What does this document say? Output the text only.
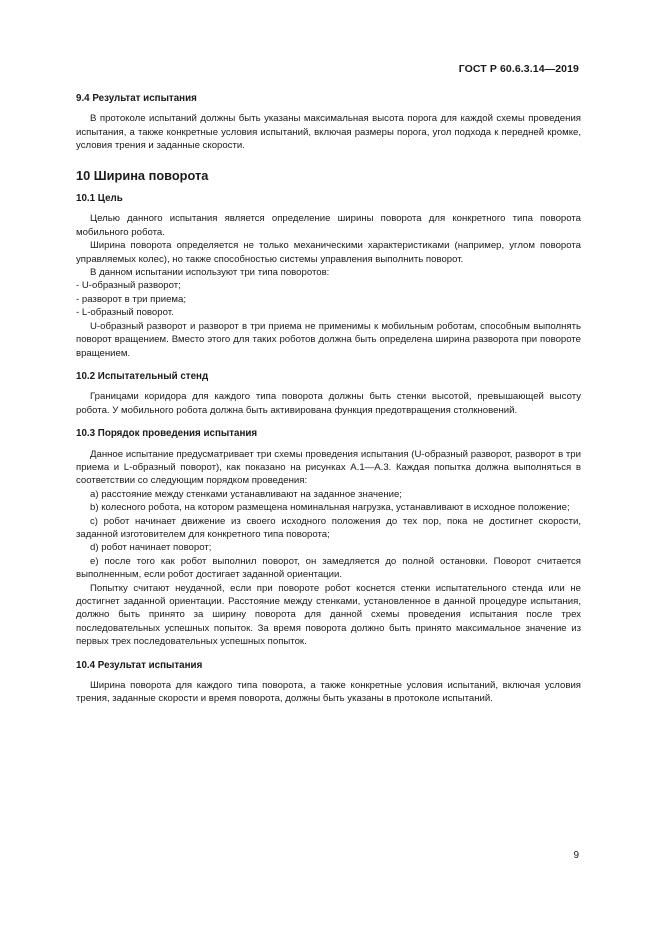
ГОСТ Р 60.6.3.14—2019
9.4 Результат испытания

В протоколе испытаний должны быть указаны максимальная высота порога для каждой схемы проведения испытания, а также конкретные условия испытаний, включая размеры порога, угол подхода к передней кромке, условия трения и заданные скорости.

10 Ширина поворота
10.1 Цель

Целью данного испытания является определение ширины поворота для конкретного типа поворота мобильного робота.

Ширина поворота определяется не только механическими характеристиками (например, углом поворота управляемых колес), но также способностью системы управления выполнить поворот.

В данном испытании используют три типа поворотов:

- U-образный разворот;

- разворот в три приема;

- L-образный поворот.

U-образный разворот и разворот в три приема не применимы к мобильным роботам, способным выполнять поворот вращением. Вместо этого для таких роботов должна быть определена ширина разворота при повороте вращением.

10.2 Испытательный стенд

Границами коридора для каждого типа поворота должны быть стенки высотой, превышающей высоту робота. У мобильного робота должна быть активирована функция предотвращения столкновений.

10.3 Порядок проведения испытания

Данное испытание предусматривает три схемы проведения испытания (U-образный разворот, разворот в три приема и L-образный поворот), как показано на рисунках А.1—А.3. Каждая попытка должна выполняться в соответствии со следующим порядком проведения:

а) расстояние между стенками устанавливают на заданное значение;

b) колесного робота, на котором размещена номинальная нагрузка, устанавливают в исходное положение;

с) робот начинает движение из своего исходного положения до тех пор, пока не достигнет скорости, заданной изготовителем для конкретного типа поворота;

d) робот начинает поворот;

е) после того как робот выполнил поворот, он замедляется до полной остановки. Поворот считается выполненным, если робот достигает заданной ориентации.

Попытку считают неудачной, если при повороте робот коснется стенки испытательного стенда или не достигнет заданной ориентации. Расстояние между стенками, установленное в данной процедуре испытания, должно быть принято за ширину поворота для данной схемы проведения испытания после трех последовательных успешных попыток. За время поворота должно быть принято максимальное значение из первых трех последовательных успешных попыток.

10.4 Результат испытания

Ширина поворота для каждого типа поворота, а также конкретные условия испытаний, включая условия трения, заданные скорости и время поворота, должны быть указаны в протоколе испытаний.

9
